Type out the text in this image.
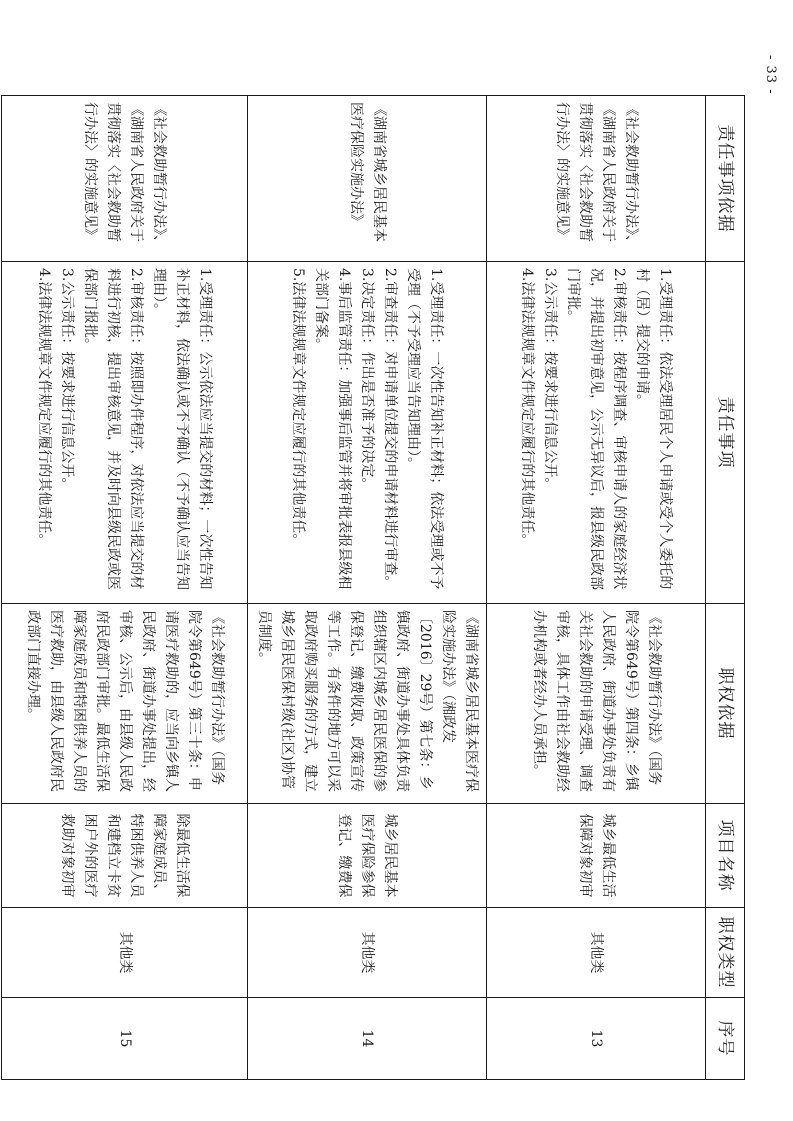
- 33 -
责任事项依据	责任事项	职权依据	项目名称	职权类型	序号
《社会救助暂行办法》、《湖南省人民政府关于贯彻落实〈社会救助暂行办法〉的实施意见》	1.受理责任：依法受理居民个人申请或受个人委托的村（居）提交的申请。
2.审核责任：按程序调查、审核申请人的家庭经济状况，并提出初审意见，公示无异议后，报县级民政部门审批。
3.公示责任：按要求进行信息公开。
4.法律法规规章文件规定应履行的其他责任。	《社会救助暂行办法》（国务院令第649号）第四条：乡镇人民政府、街道办事处负责有关社会救助的申请受理、调查审核，具体工作由社会救助经办机构或者经办人员承担。	城乡最低生活保障对象初审	其他类	13
《湖南省城乡居民基本医疗保险实施办法》	1.受理责任：一次性告知补正材料；依法受理或不予受理（不予受理应当告知理由）。
2.审查责任：对申请单位提交的申请材料进行审查。
3.决定责任：作出是否准予的决定。
4.事后监管责任：加强事后监管并将审批表报县级相关部门备案。
5.法律法规规章文件规定应履行的其他责任。	《湖南省城乡居民基本医疗保险实施办法》（湘政发〔2016〕29号）第七条：乡镇政府、街道办事处具体负责组织辖区内城乡居民医保的参保登记、缴费收取、政策宣传等工作。有条件的地方可以采取政府购买服务的方式，建立城乡居民医保村级(社区)协管员制度。	城乡居民基本医疗保险参保登记、缴费保	其他类	14
《社会救助暂行办法》、《湖南省人民政府关于贯彻落实〈社会救助暂行办法〉的实施意见》	1.受理责任：公示依法应当提交的材料；一次性告知补正材料，依法确认或不予确认（不予确认应当告知理由）。
2.审核责任：按照即办件程序，对依法应当提交的材料进行初核，提出审核意见，并及时向县级民政或医保部门报批。
3.公示责任：按要求进行信息公开。
4.法律法规规章文件规定应履行的其他责任。	《社会救助暂行办法》（国务院令第649号）第三十条：申请医疗救助的，应当向乡镇人民政府、街道办事处提出，经审核、公示后，由县级人民政府民政部门审批。最低生活保障家庭成员和特困供养人员的医疗救助，由县级人民政府民政部门直接办理。	除最低生活保障家庭成员、特困供养人员和建档立卡贫困户外的医疗救助对象初审	其他类	15
